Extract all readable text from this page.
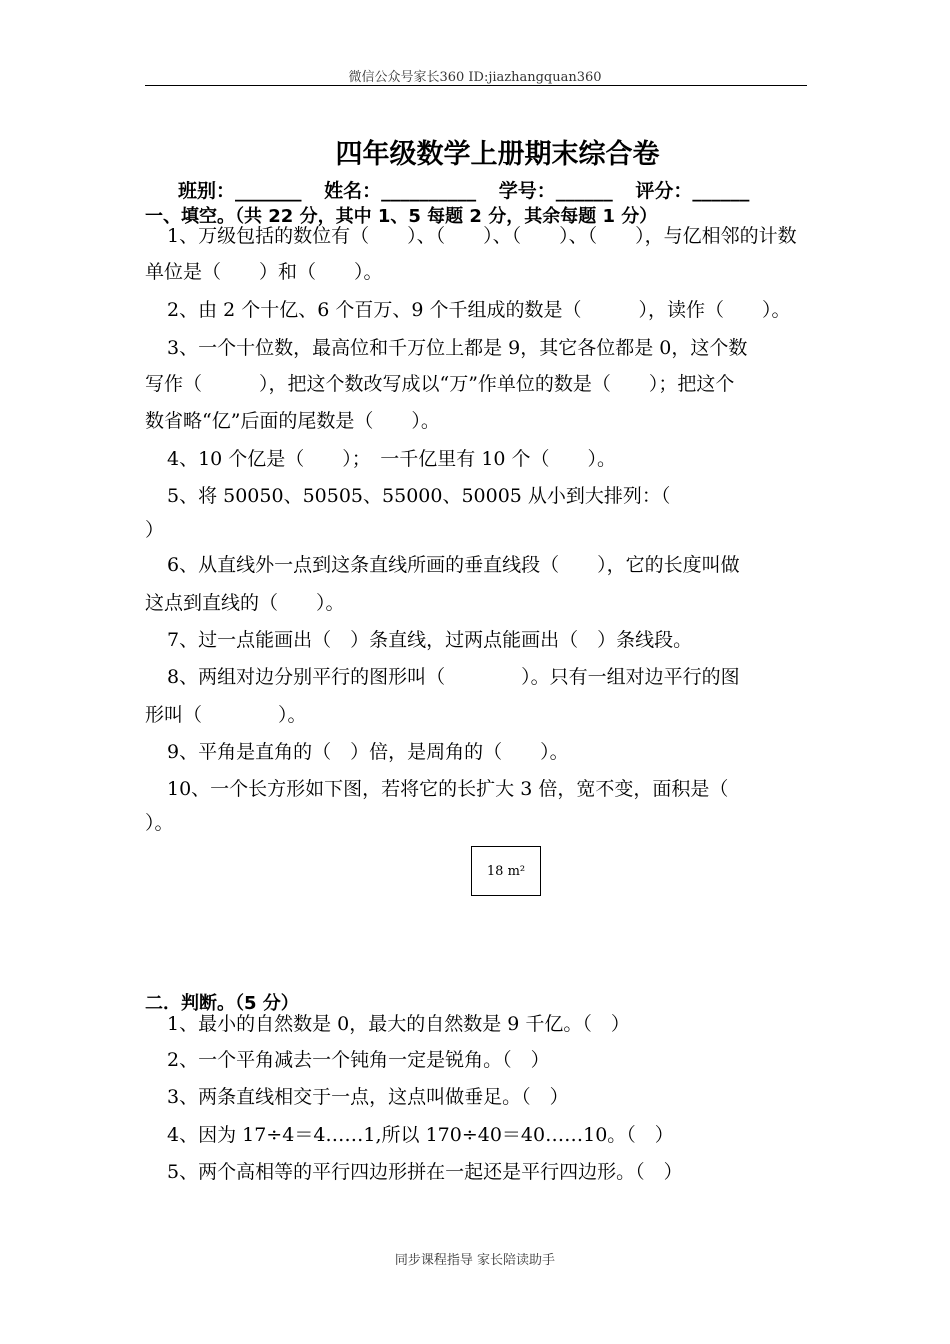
微信公众号家长360 ID:jiazhangquan360
四年级数学上册期末综合卷
班别：_______ 姓名：__________ 学号：______ 评分：______
一、填空。（共 22 分，其中 1、5 每题 2 分，其余每题 1 分）
1、万级包括的数位有（　　）、（　　）、（　　）、（　　），与亿相邻的计数
单位是（　　）和（　　）。
2、由 2 个十亿、6 个百万、9 个千组成的数是（　　　），读作（　　）。
3、一个十位数，最高位和千万位上都是 9，其它各位都是 0，这个数
写作（　　　），把这个数改写成以“万”作单位的数是（　　）；把这个
数省略“亿”后面的尾数是（　　）。
4、10 个亿是（　　）；　一千亿里有 10 个（　　）。
5、将 50050、50505、55000、50005 从小到大排列：（
）
6、从直线外一点到这条直线所画的垂直线段（　　），它的长度叫做
这点到直线的（　　）。
7、过一点能画出（　）条直线，过两点能画出（　）条线段。
8、两组对边分别平行的图形叫（　　　　）。只有一组对边平行的图
形叫（　　　　）。
9、平角是直角的（　）倍，是周角的（　　）。
10、一个长方形如下图，若将它的长扩大 3 倍，宽不变，面积是（
）。
18 m²
二．判断。（5 分）
1、最小的自然数是 0，最大的自然数是 9 千亿。（　）
2、一个平角减去一个钝角一定是锐角。（　）
3、两条直线相交于一点，这点叫做垂足。（　）
4、因为 17÷4＝4……1,所以 170÷40＝40……10。（　）
5、两个高相等的平行四边形拼在一起还是平行四边形。（　）
同步课程指导 家长陪读助手
